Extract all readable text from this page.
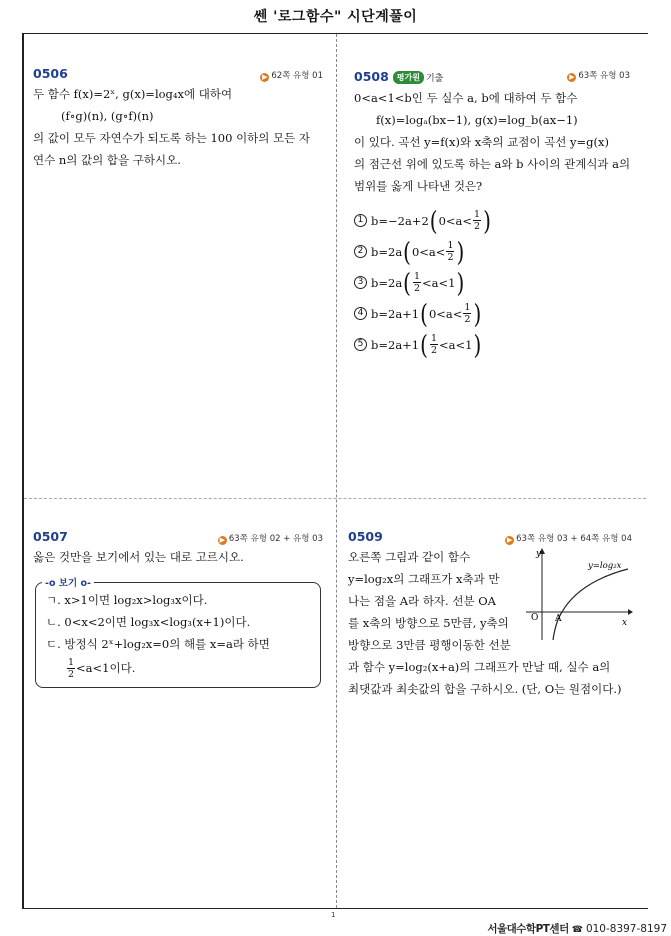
쎈 '로그함수" 시단계풀이
0506	▶ 62쪽 유형 01
두 함수 f(x)=2ˣ, g(x)=log₄x에 대하여
(f∘g)(n), (g∘f)(n)
의 값이 모두 자연수가 되도록 하는 100 이하의 모든 자
연수 n의 값의 합을 구하시오.
0508 평가원 기출	▶ 63쪽 유형 03
0<a<1<b인 두 실수 a, b에 대하여 두 함수
f(x)=logₐ(bx−1), g(x)=log_b(ax−1)
이 있다. 곡선 y=f(x)와 x축의 교점이 곡선 y=g(x)
의 점근선 위에 있도록 하는 a와 b 사이의 관계식과 a의
범위를 옳게 나타낸 것은?
1 b=−2a+2 ( $0<a< \frac{1}{2}$ )
2 b=2a ( $0<a< \frac{1}{2}$ )
3 b=2a ( $\frac{1}{2} <a<1$ )
4 b=2a+1 ( $0<a< \frac{1}{2}$ )
5 b=2a+1 ( $\frac{1}{2} <a<1$ )
0507	▶ 63쪽 유형 02 + 유형 03
옳은 것만을 보기에서 있는 대로 고르시오.
-o 보기 o-
ㄱ. x>1이면 log₂x>log₃x이다.
ㄴ. 0<x<2이면 log₃x<log₃(x+1)이다.
ㄷ. 방정식 2ˣ+log₂x=0의 해를 x=a라 하면
$\frac{1}{2} <a<1$이다.
0509	▶ 63쪽 유형 03 + 64쪽 유형 04
오른쪽 그림과 같이 함수
y=log₂x의 그래프가 x축과 만
나는 점을 A라 하자. 선분 OA
를 x축의 방향으로 5만큼, y축의
방향으로 3만큼 평행이동한 선분
과 함수 y=log₂(x+a)의 그래프가 만날 때, 실수 a의
최댓값과 최솟값의 합을 구하시오. (단, O는 원점이다.)
y
x
O A
y=log₂x
1
서울대수학PT센터 ☎ 010-8397-8197
